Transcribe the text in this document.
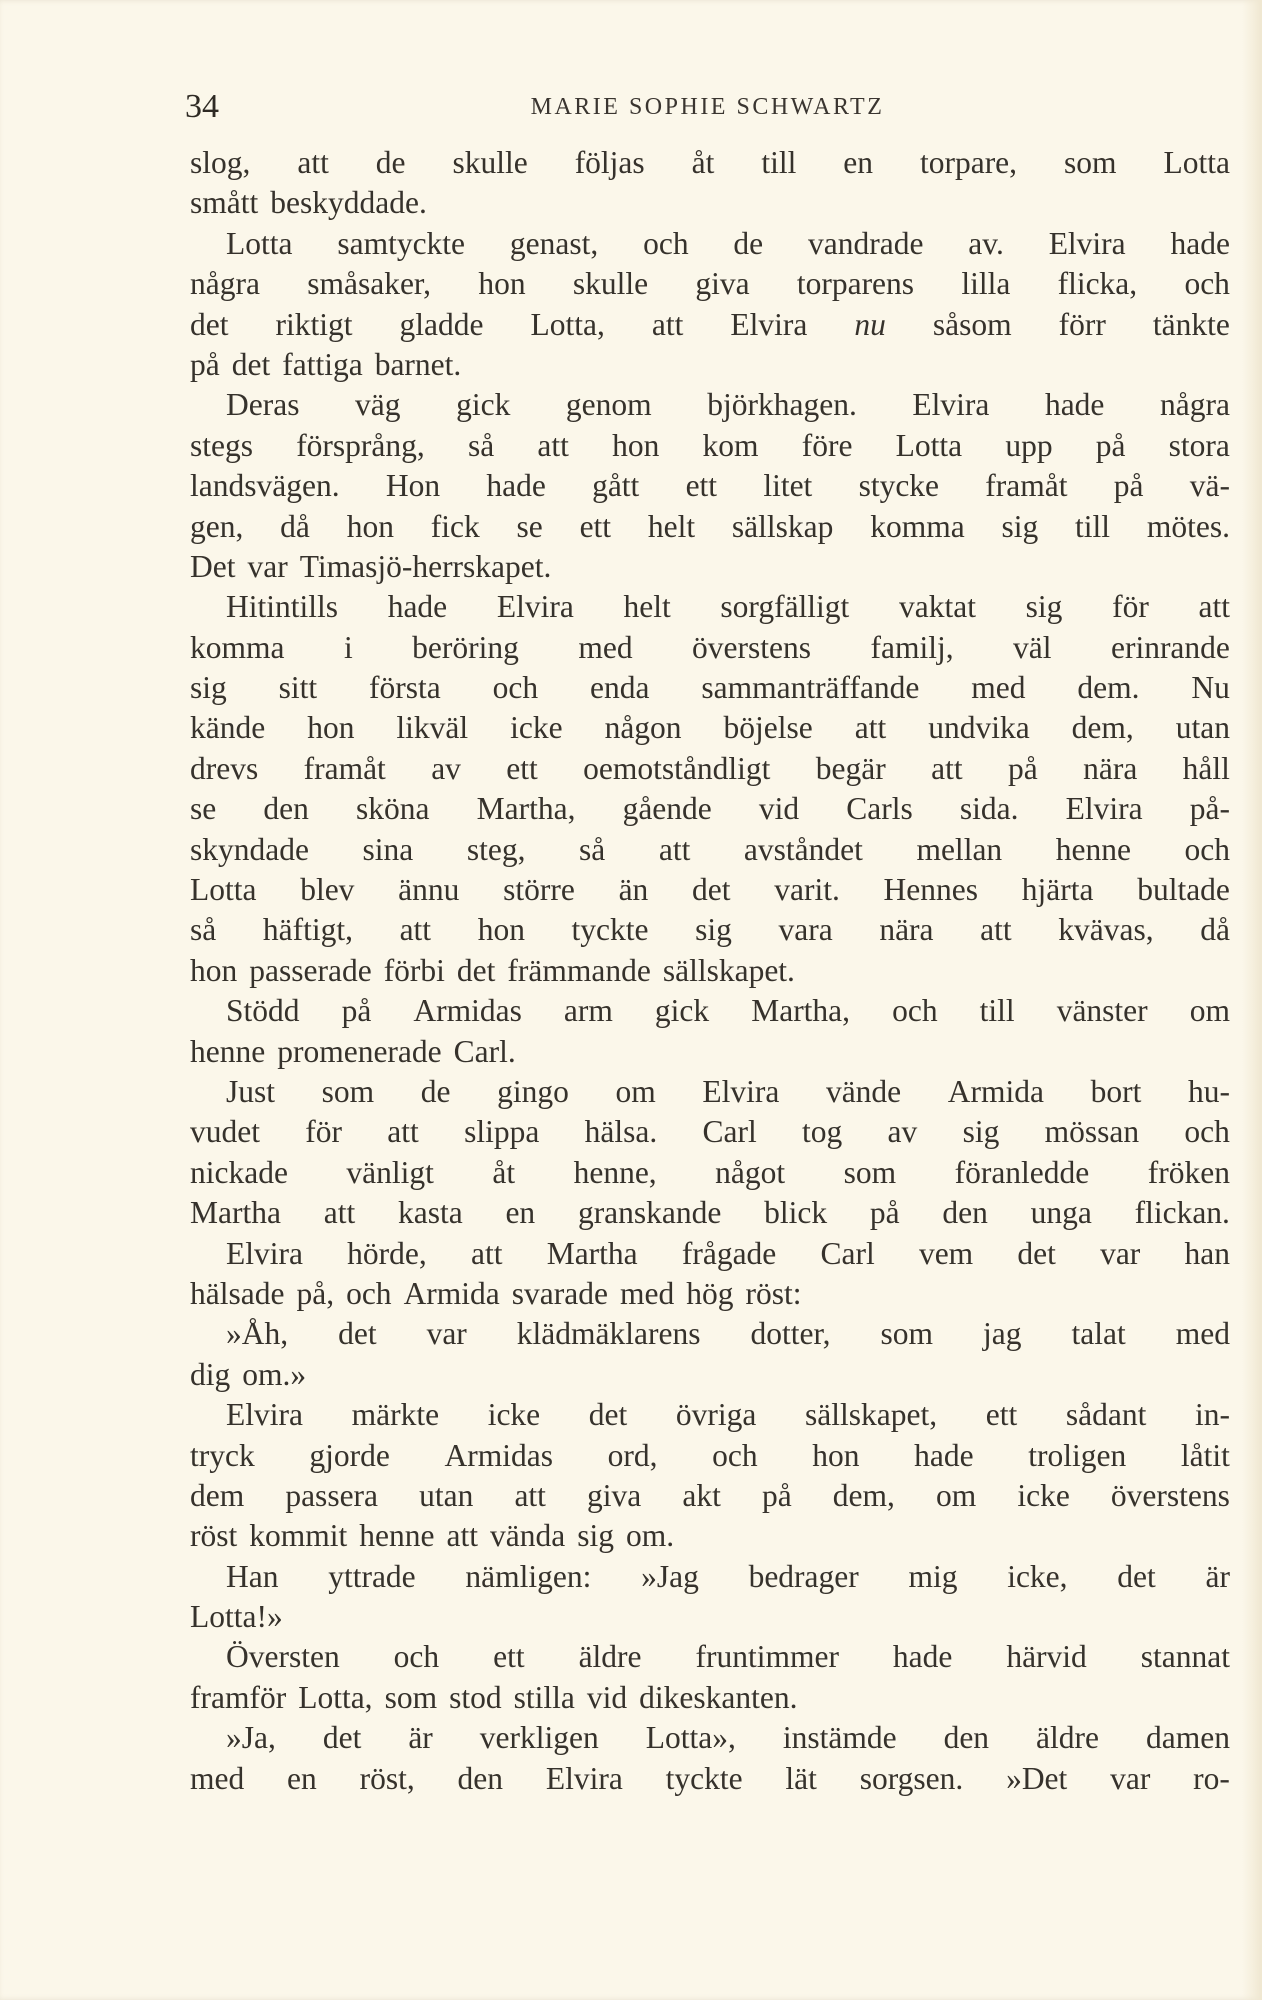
34	MARIE SOPHIE SCHWARTZ
slog, att de skulle följas åt till en torpare, som Lotta
smått beskyddade.
Lotta samtyckte genast, och de vandrade av. Elvira hade
några småsaker, hon skulle giva torparens lilla flicka, och
det riktigt gladde Lotta, att Elvira nu såsom förr tänkte
på det fattiga barnet.
Deras väg gick genom björkhagen. Elvira hade några
stegs försprång, så att hon kom före Lotta upp på stora
landsvägen. Hon hade gått ett litet stycke framåt på vä-
gen, då hon fick se ett helt sällskap komma sig till mötes.
Det var Timasjö-herrskapet.
Hitintills hade Elvira helt sorgfälligt vaktat sig för att
komma i beröring med överstens familj, väl erinrande
sig sitt första och enda sammanträffande med dem. Nu
kände hon likväl icke någon böjelse att undvika dem, utan
drevs framåt av ett oemotståndligt begär att på nära håll
se den sköna Martha, gående vid Carls sida. Elvira på-
skyndade sina steg, så att avståndet mellan henne och
Lotta blev ännu större än det varit. Hennes hjärta bultade
så häftigt, att hon tyckte sig vara nära att kvävas, då
hon passerade förbi det främmande sällskapet.
Stödd på Armidas arm gick Martha, och till vänster om
henne promenerade Carl.
Just som de gingo om Elvira vände Armida bort hu-
vudet för att slippa hälsa. Carl tog av sig mössan och
nickade vänligt åt henne, något som föranledde fröken
Martha att kasta en granskande blick på den unga flickan.
Elvira hörde, att Martha frågade Carl vem det var han
hälsade på, och Armida svarade med hög röst:
»Åh, det var klädmäklarens dotter, som jag talat med
dig om.»
Elvira märkte icke det övriga sällskapet, ett sådant in-
tryck gjorde Armidas ord, och hon hade troligen låtit
dem passera utan att giva akt på dem, om icke överstens
röst kommit henne att vända sig om.
Han yttrade nämligen: »Jag bedrager mig icke, det är
Lotta!»
Översten och ett äldre fruntimmer hade härvid stannat
framför Lotta, som stod stilla vid dikeskanten.
»Ja, det är verkligen Lotta», instämde den äldre damen
med en röst, den Elvira tyckte lät sorgsen. »Det var ro-
